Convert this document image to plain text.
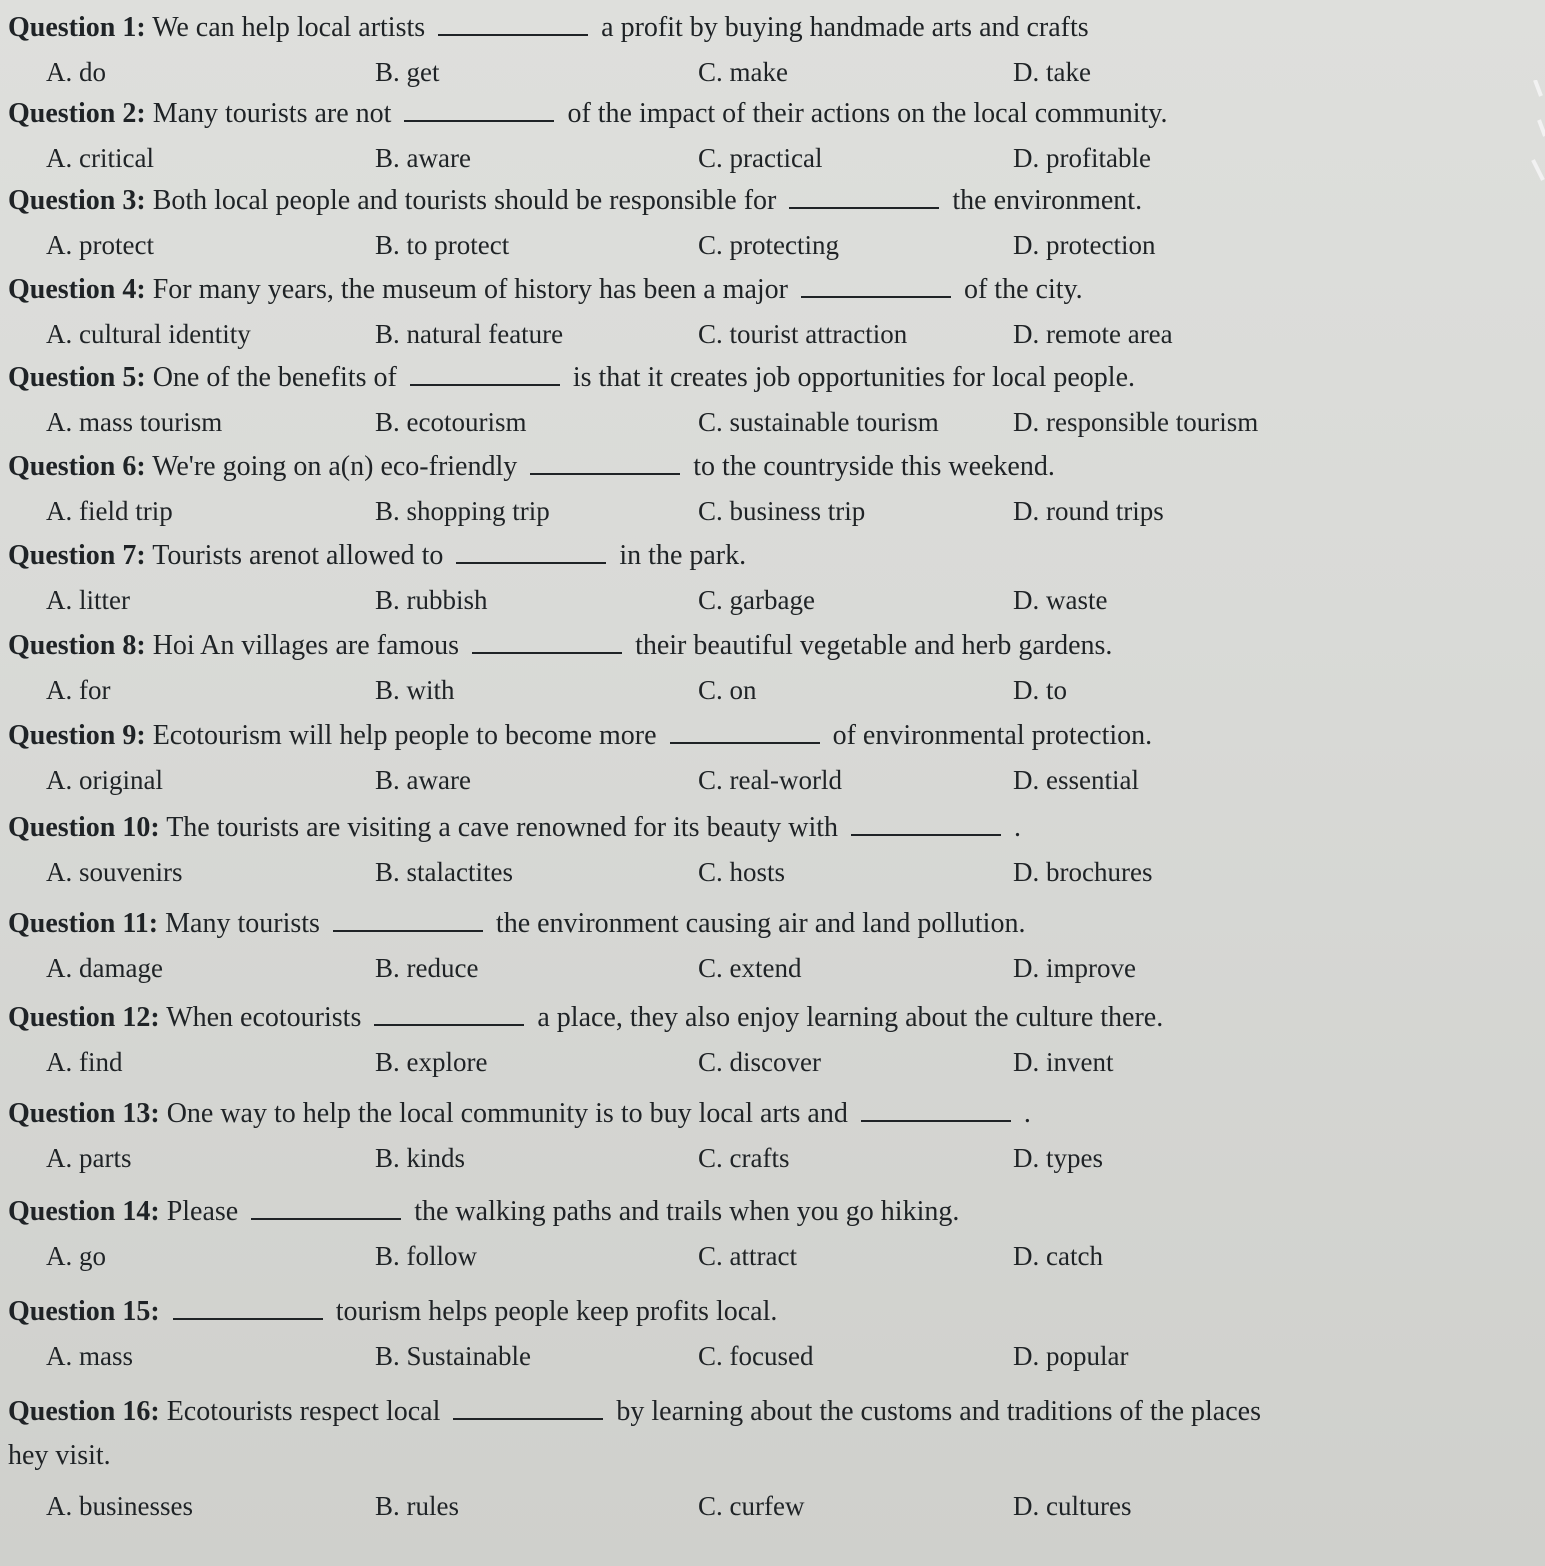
Question 1: We can help local artists	a profit by buying handmade arts and crafts
A. do	B. get	C. make	D. take
Question 2: Many tourists are not	of the impact of their actions on the local community.
A. critical	B. aware	C. practical	D. profitable
Question 3: Both local people and tourists should be responsible for	the environment.
A. protect	B. to protect	C. protecting	D. protection
Question 4: For many years, the museum of history has been a major	of the city.
A. cultural identity	B. natural feature	C. tourist attraction	D. remote area
Question 5: One of the benefits of	is that it creates job opportunities for local people.
A. mass tourism	B. ecotourism	C. sustainable tourism	D. responsible tourism
Question 6: We're going on a(n) eco-friendly	to the countryside this weekend.
A. field trip	B. shopping trip	C. business trip	D. round trips
Question 7: Tourists arenot allowed to	in the park.
A. litter	B. rubbish	C. garbage	D. waste
Question 8: Hoi An villages are famous	their beautiful vegetable and herb gardens.
A. for	B. with	C. on	D. to
Question 9: Ecotourism will help people to become more	of environmental protection.
A. original	B. aware	C. real-world	D. essential
Question 10: The tourists are visiting a cave renowned for its beauty with	.
A. souvenirs	B. stalactites	C. hosts	D. brochures
Question 11: Many tourists	the environment causing air and land pollution.
A. damage	B. reduce	C. extend	D. improve
Question 12: When ecotourists	a place, they also enjoy learning about the culture there.
A. find	B. explore	C. discover	D. invent
Question 13: One way to help the local community is to buy local arts and	.
A. parts	B. kinds	C. crafts	D. types
Question 14: Please	the walking paths and trails when you go hiking.
A. go	B. follow	C. attract	D. catch
Question 15:	tourism helps people keep profits local.
A. mass	B. Sustainable	C. focused	D. popular
Question 16: Ecotourists respect local	by learning about the customs and traditions of the places
hey visit.
A. businesses	B. rules	C. curfew	D. cultures
